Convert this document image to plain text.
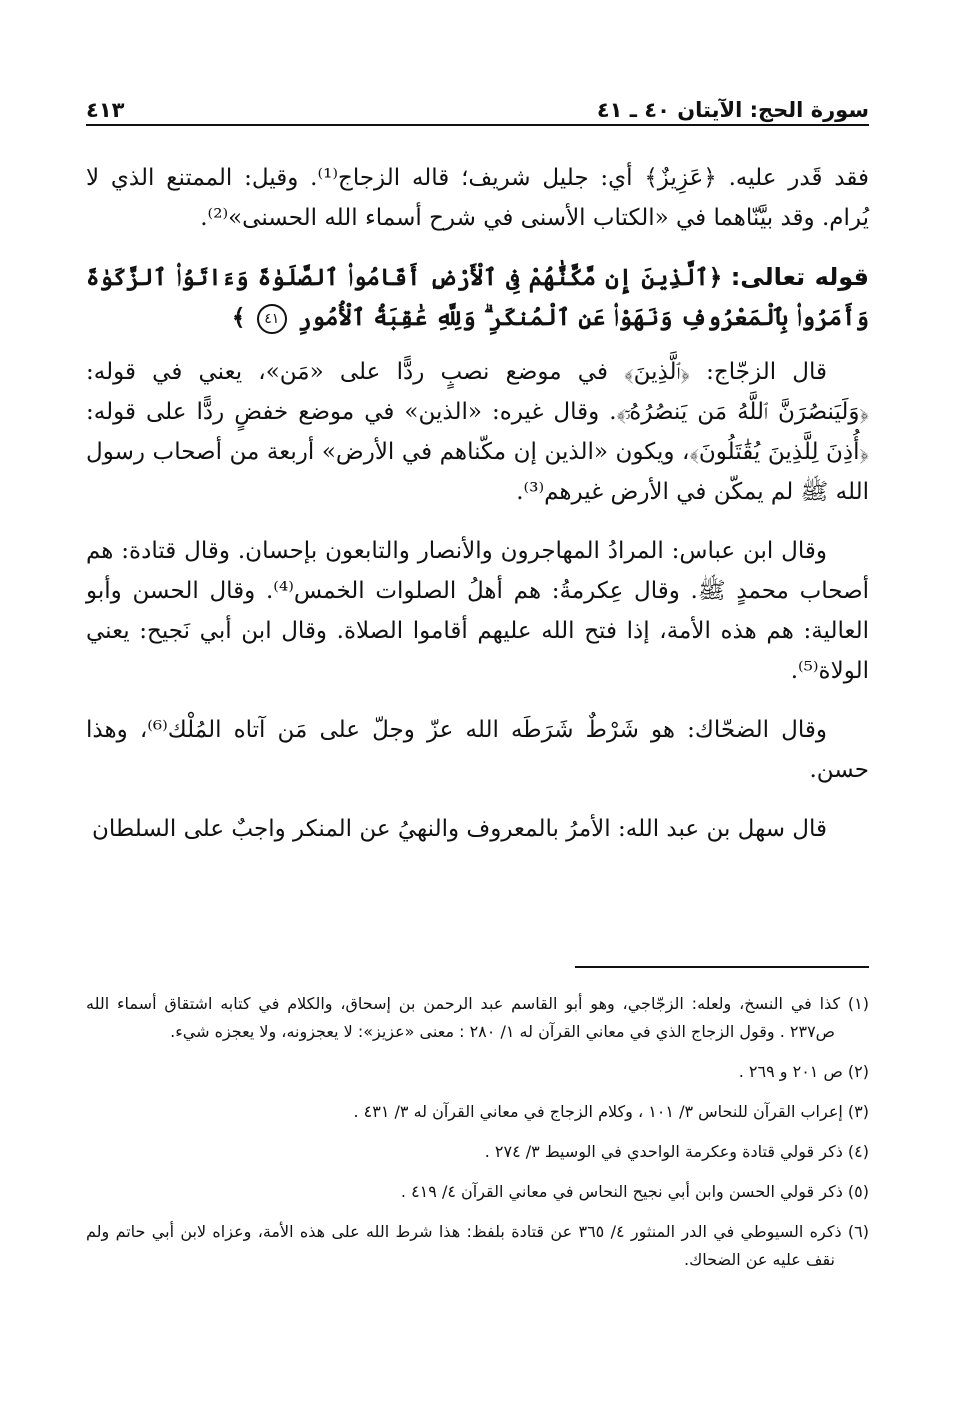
٤١٣	سورة الحج: الآيتان ٤٠ ـ ٤١

فقد قَدر عليه. ﴿عَزِيزٌ﴾ أي: جليل شريف؛ قاله الزجاج⁽¹⁾. وقيل: الممتنع الذي لا يُرام. وقد بيَّنّاهما في «الكتاب الأسنى في شرح أسماء الله الحسنى»⁽²⁾.

قوله تعالى: ﴿ٱلَّذِينَ إِن مَّكَّنَّٰهُمْ فِى ٱلْأَرْضِ أَقَامُوا۟ ٱلصَّلَوٰةَ وَءَاتَوُا۟ ٱلزَّكَوٰةَ وَأَمَرُوا۟ بِٱلْمَعْرُوفِ وَنَهَوْا۟ عَنِ ٱلْمُنكَرِ ۗ وَلِلَّهِ عَٰقِبَةُ ٱلْأُمُورِ ٤١ ﴾

قال الزجّاج: ﴿ٱلَّذِينَ﴾ في موضع نصبٍ ردًّا على «مَن»، يعني في قوله: ﴿وَلَيَنصُرَنَّ ٱللَّهُ مَن يَنصُرُهُۥٓ﴾. وقال غيره: «الذين» في موضع خفضٍ ردًّا على قوله: ﴿أُذِنَ لِلَّذِينَ يُقَٰتَلُونَ﴾، ويكون «الذين إن مكّناهم في الأرض» أربعة من أصحاب رسول الله ﷺ لم يمكّن في الأرض غيرهم⁽³⁾.

وقال ابن عباس: المرادُ المهاجرون والأنصار والتابعون بإحسان. وقال قتادة: هم أصحاب محمدٍ ﷺ. وقال عِكرمةُ: هم أهلُ الصلوات الخمس⁽⁴⁾. وقال الحسن وأبو العالية: هم هذه الأمة، إذا فتح الله عليهم أقاموا الصلاة. وقال ابن أبي نَجيح: يعني الولاة⁽⁵⁾.

وقال الضحّاك: هو شَرْطٌ شَرَطَه الله عزّ وجلّ على مَن آتاه المُلْك⁽⁶⁾، وهذا حسن.

قال سهل بن عبد الله: الأمرُ بالمعروف والنهيُ عن المنكر واجبٌ على السلطان

(١) كذا في النسخ، ولعله: الزجّاجي، وهو أبو القاسم عبد الرحمن بن إسحاق، والكلام في كتابه اشتقاق أسماء الله ص٢٣٧ . وقول الزجاج الذي في معاني القرآن له ١/ ٢٨٠ : معنى «عزيز»: لا يعجزونه، ولا يعجزه شيء.

(٢) ص ٢٠١ و ٢٦٩ .

(٣) إعراب القرآن للنحاس ٣/ ١٠١ ، وكلام الزجاج في معاني القرآن له ٣/ ٤٣١ .

(٤) ذكر قولي قتادة وعكرمة الواحدي في الوسيط ٣/ ٢٧٤ .

(٥) ذكر قولي الحسن وابن أبي نجيح النحاس في معاني القرآن ٤/ ٤١٩ .

(٦) ذكره السيوطي في الدر المنثور ٤/ ٣٦٥ عن قتادة بلفظ: هذا شرط الله على هذه الأمة، وعزاه لابن أبي حاتم ولم نقف عليه عن الضحاك.
